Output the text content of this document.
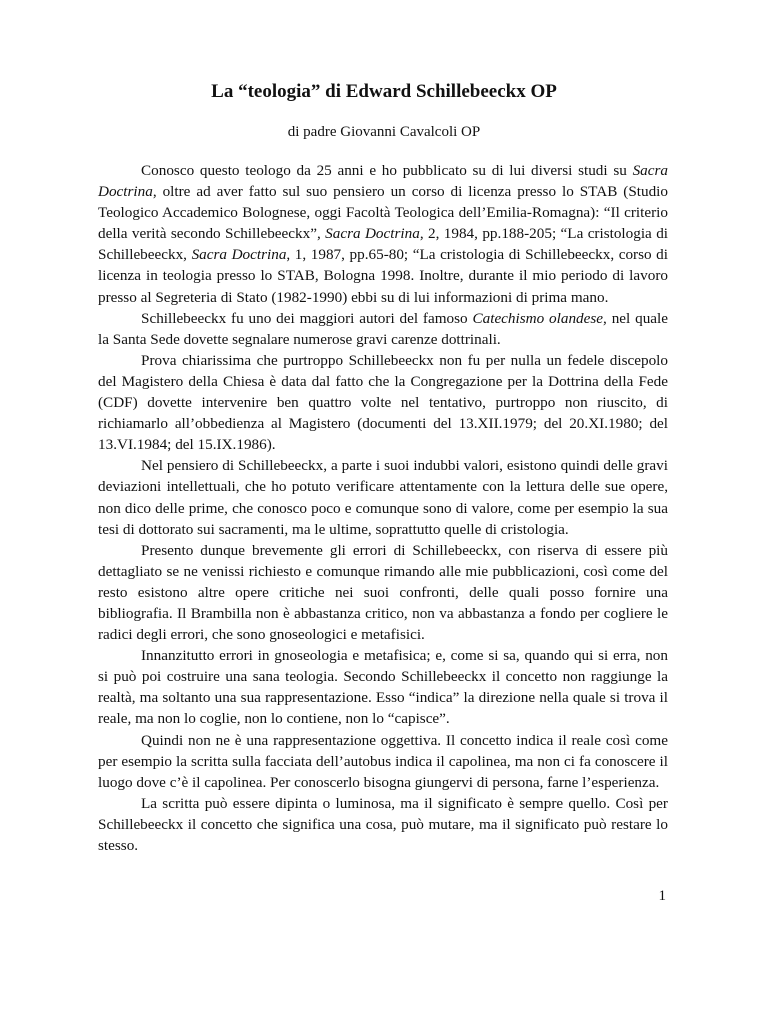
La “teologia” di Edward Schillebeeckx OP
di padre Giovanni Cavalcoli OP

Conosco questo teologo da 25 anni e ho pubblicato su di lui diversi studi su Sacra Doctrina, oltre ad aver fatto sul suo pensiero un corso di licenza presso lo STAB (Studio Teologico Accademico Bolognese, oggi Facoltà Teologica dell’Emilia-Romagna): “Il criterio della verità secondo Schillebeeckx”, Sacra Doctrina, 2, 1984, pp.188-205; “La cristologia di Schillebeeckx, Sacra Doctrina, 1, 1987, pp.65-80; “La cristologia di Schillebeeckx, corso di licenza in teologia presso lo STAB, Bologna 1998. Inoltre, durante il mio periodo di lavoro presso al Segreteria di Stato (1982-1990) ebbi su di lui informazioni di prima mano.

Schillebeeckx fu uno dei maggiori autori del famoso Catechismo olandese, nel quale la Santa Sede dovette segnalare numerose gravi carenze dottrinali.

Prova chiarissima che purtroppo Schillebeeckx non fu per nulla un fedele discepolo del Magistero della Chiesa è data dal fatto che la Congregazione per la Dottrina della Fede (CDF) dovette intervenire ben quattro volte nel tentativo, purtroppo non riuscito, di richiamarlo all’obbedienza al Magistero (documenti del 13.XII.1979; del 20.XI.1980; del 13.VI.1984; del 15.IX.1986).

Nel pensiero di Schillebeeckx, a parte i suoi indubbi valori, esistono quindi delle gravi deviazioni intellettuali, che ho potuto verificare attentamente con la lettura delle sue opere, non dico delle prime, che conosco poco e comunque sono di valore, come per esempio la sua tesi di dottorato sui sacramenti, ma le ultime, soprattutto quelle di cristologia.

Presento dunque brevemente gli errori di Schillebeeckx, con riserva di essere più dettagliato se ne venissi richiesto e comunque rimando alle mie pubblicazioni, così come del resto esistono altre opere critiche nei suoi confronti, delle quali posso fornire una bibliografia. Il Brambilla non è abbastanza critico, non va abbastanza a fondo per cogliere le radici degli errori, che sono gnoseologici e metafisici.

Innanzitutto errori in gnoseologia e metafisica; e, come si sa, quando qui si erra, non si può poi costruire una sana teologia. Secondo Schillebeeckx il concetto non raggiunge la realtà, ma soltanto una sua rappresentazione. Esso “indica” la direzione nella quale si trova il reale, ma non lo coglie, non lo contiene, non lo “capisce”.

Quindi non ne è una rappresentazione oggettiva. Il concetto indica il reale così come per esempio la scritta sulla facciata dell’autobus indica il capolinea, ma non ci fa conoscere il luogo dove c’è il capolinea. Per conoscerlo bisogna giungervi di persona, farne l’esperienza.

La scritta può essere dipinta o luminosa, ma il significato è sempre quello. Così per Schillebeeckx il concetto che significa una cosa, può mutare, ma il significato può restare lo stesso.

1
